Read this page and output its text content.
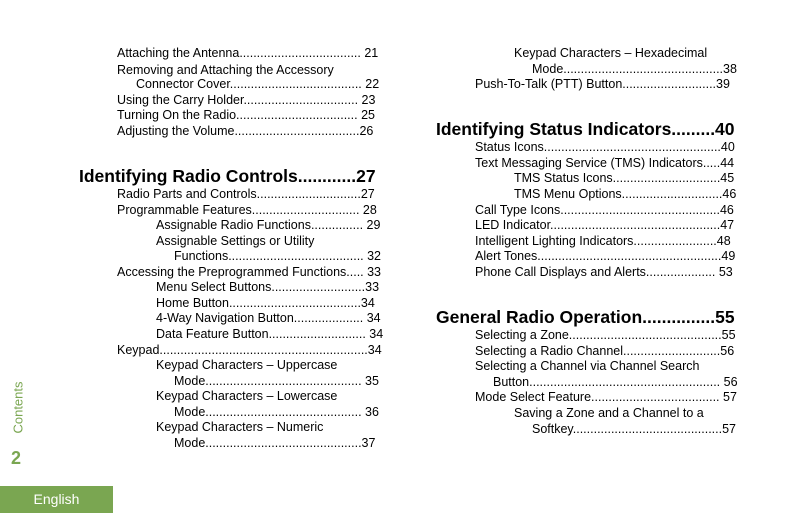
Attaching the Antenna................................... 21
Removing and Attaching the Accessory
Connector Cover...................................... 22
Using the Carry Holder................................. 23
Turning On the Radio................................... 25
Adjusting the Volume....................................26
Identifying Radio Controls............27
Radio Parts and Controls..............................27
Programmable Features............................... 28
Assignable Radio Functions............... 29
Assignable Settings or Utility
Functions....................................... 32
Accessing the Preprogrammed Functions..... 33
Menu Select Buttons...........................33
Home Button......................................34
4-Way Navigation Button.................... 34
Data Feature Button............................ 34
Keypad............................................................34
Keypad Characters – Uppercase
Mode............................................. 35
Keypad Characters – Lowercase
Mode............................................. 36
Keypad Characters – Numeric
Mode.............................................37
Keypad Characters – Hexadecimal
Mode..............................................38
Push-To-Talk (PTT) Button...........................39
Identifying Status Indicators.........40
Status Icons...................................................40
Text Messaging Service (TMS) Indicators.....44
TMS Status Icons...............................45
TMS Menu Options.............................46
Call Type Icons..............................................46
LED Indicator.................................................47
Intelligent Lighting Indicators........................48
Alert Tones.....................................................49
Phone Call Displays and Alerts.................... 53
General Radio Operation...............55
Selecting a Zone............................................55
Selecting a Radio Channel............................56
Selecting a Channel via Channel Search
Button....................................................... 56
Mode Select Feature..................................... 57
Saving a Zone and a Channel to a
Softkey...........................................57
Contents
2
English
